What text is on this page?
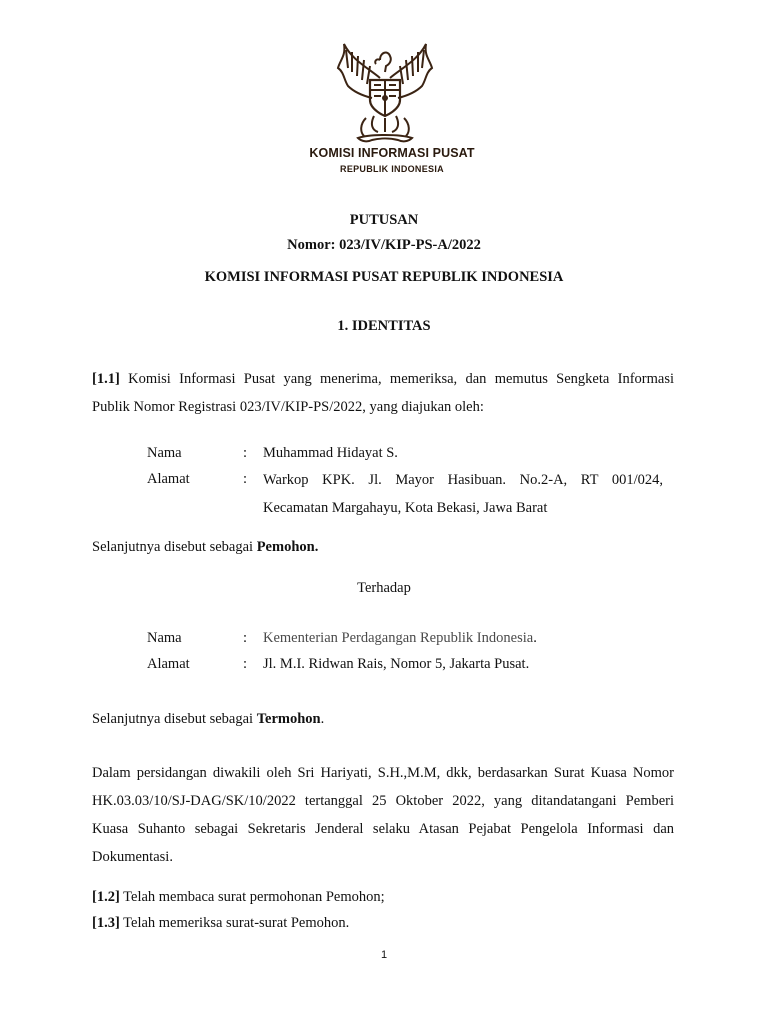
KOMISI INFORMASI PUSAT
REPUBLIK INDONESIA
PUTUSAN
Nomor: 023/IV/KIP-PS-A/2022
KOMISI INFORMASI PUSAT REPUBLIK INDONESIA
1. IDENTITAS
[1.1] Komisi Informasi Pusat yang menerima, memeriksa, dan memutus Sengketa Informasi
Publik Nomor Registrasi 023/IV/KIP-PS/2022, yang diajukan oleh:
Nama	: Muhammad Hidayat S.
Alamat	: Warkop KPK. Jl. Mayor Hasibuan. No.2-A, RT 001/024,
Kecamatan Margahayu, Kota Bekasi, Jawa Barat
Selanjutnya disebut sebagai Pemohon.
Terhadap
Nama	: Kementerian Perdagangan Republik Indonesia.
Alamat	: Jl. M.I. Ridwan Rais, Nomor 5, Jakarta Pusat.
Selanjutnya disebut sebagai Termohon.
Dalam persidangan diwakili oleh Sri Hariyati, S.H.,M.M, dkk, berdasarkan Surat Kuasa Nomor
HK.03.03/10/SJ-DAG/SK/10/2022 tertanggal 25 Oktober 2022, yang ditandatangani Pemberi
Kuasa Suhanto sebagai Sekretaris Jenderal selaku Atasan Pejabat Pengelola Informasi dan
Dokumentasi.
[1.2] Telah membaca surat permohonan Pemohon;
[1.3] Telah memeriksa surat-surat Pemohon.
1
